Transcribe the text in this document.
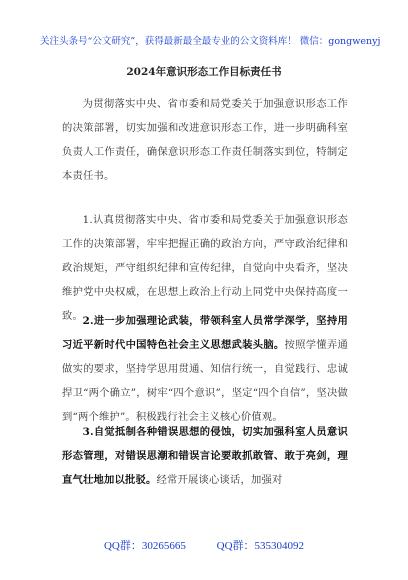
关注头条号“公文研究”，获得最新最全最专业的公文资料库！ 微信：gongwenyj
2024年意识形态工作目标责任书
为贯彻落实中央、省市委和局党委关于加强意识形态工作的决策部署，切实加强和改进意识形态工作，进一步明确科室负责人工作责任，确保意识形态工作责任制落实到位，特制定本责任书。
1.认真贯彻落实中央、省市委和局党委关于加强意识形态工作的决策部署，牢牢把握正确的政治方向，严守政治纪律和政治规矩，严守组织纪律和宣传纪律，自觉向中央看齐，坚决维护党中央权威，在思想上政治上行动上同党中央保持高度一致。 2.进一步加强理论武装，带领科室人员常学深学，坚持用习近平新时代中国特色社会主义思想武装头脑。按照学懂弄通做实的要求，坚持学思用贯通、知信行统一，自觉践行、忠诚捍卫“两个确立”，树牢“四个意识”，坚定“四个自信”，坚决做到“两个维护”。积极践行社会主义核心价值观。
3.自觉抵制各种错误思想的侵蚀，切实加强科室人员意识形态管理，对错误思潮和错误言论要敢抓敢管、敢于亮剑，理直气壮地加以批驳。经常开展谈心谈话，加强对
QQ群：30265665	QQ群：535304092
